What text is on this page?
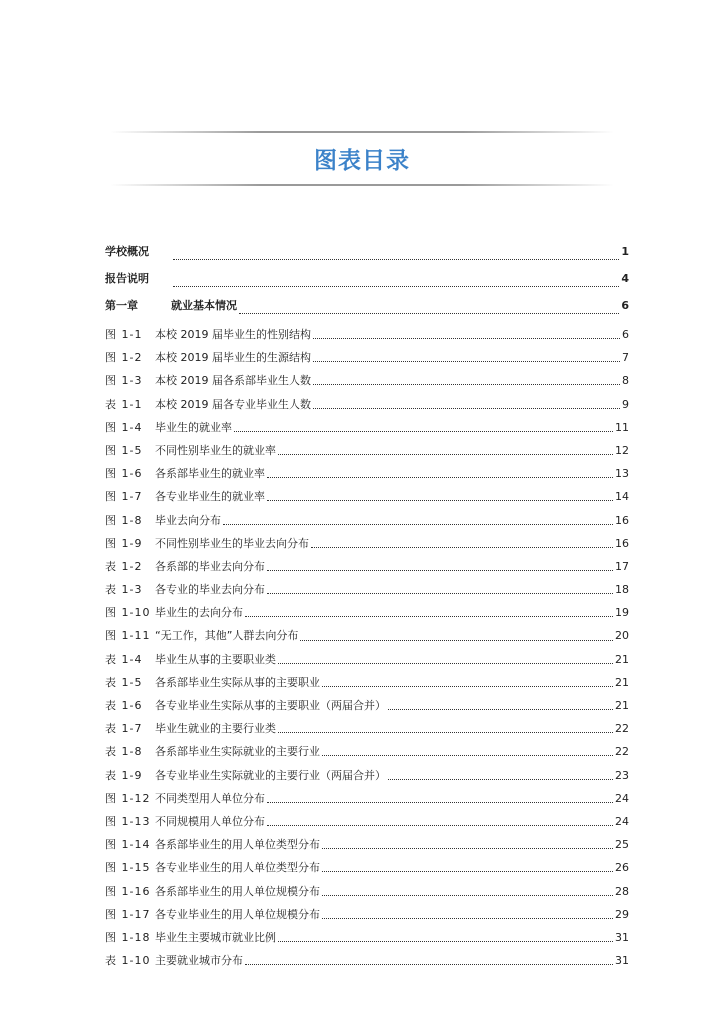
图表目录
学校概况	1
报告说明	4
第一章	就业基本情况	6
图 1-1	本校 2019 届毕业生的性别结构	6
图 1-2	本校 2019 届毕业生的生源结构	7
图 1-3	本校 2019 届各系部毕业生人数	8
表 1-1	本校 2019 届各专业毕业生人数	9
图 1-4	毕业生的就业率	11
图 1-5	不同性别毕业生的就业率	12
图 1-6	各系部毕业生的就业率	13
图 1-7	各专业毕业生的就业率	14
图 1-8	毕业去向分布	16
图 1-9	不同性别毕业生的毕业去向分布	16
表 1-2	各系部的毕业去向分布	17
表 1-3	各专业的毕业去向分布	18
图 1-10 毕业生的去向分布	19
图 1-11 “无工作，其他”人群去向分布	20
表 1-4	毕业生从事的主要职业类	21
表 1-5	各系部毕业生实际从事的主要职业	21
表 1-6	各专业毕业生实际从事的主要职业（两届合并）	21
表 1-7	毕业生就业的主要行业类	22
表 1-8	各系部毕业生实际就业的主要行业	22
表 1-9	各专业毕业生实际就业的主要行业（两届合并）	23
图 1-12 不同类型用人单位分布	24
图 1-13 不同规模用人单位分布	24
图 1-14 各系部毕业生的用人单位类型分布	25
图 1-15 各专业毕业生的用人单位类型分布	26
图 1-16 各系部毕业生的用人单位规模分布	28
图 1-17 各专业毕业生的用人单位规模分布	29
图 1-18 毕业生主要城市就业比例	31
表 1-10 主要就业城市分布	31
